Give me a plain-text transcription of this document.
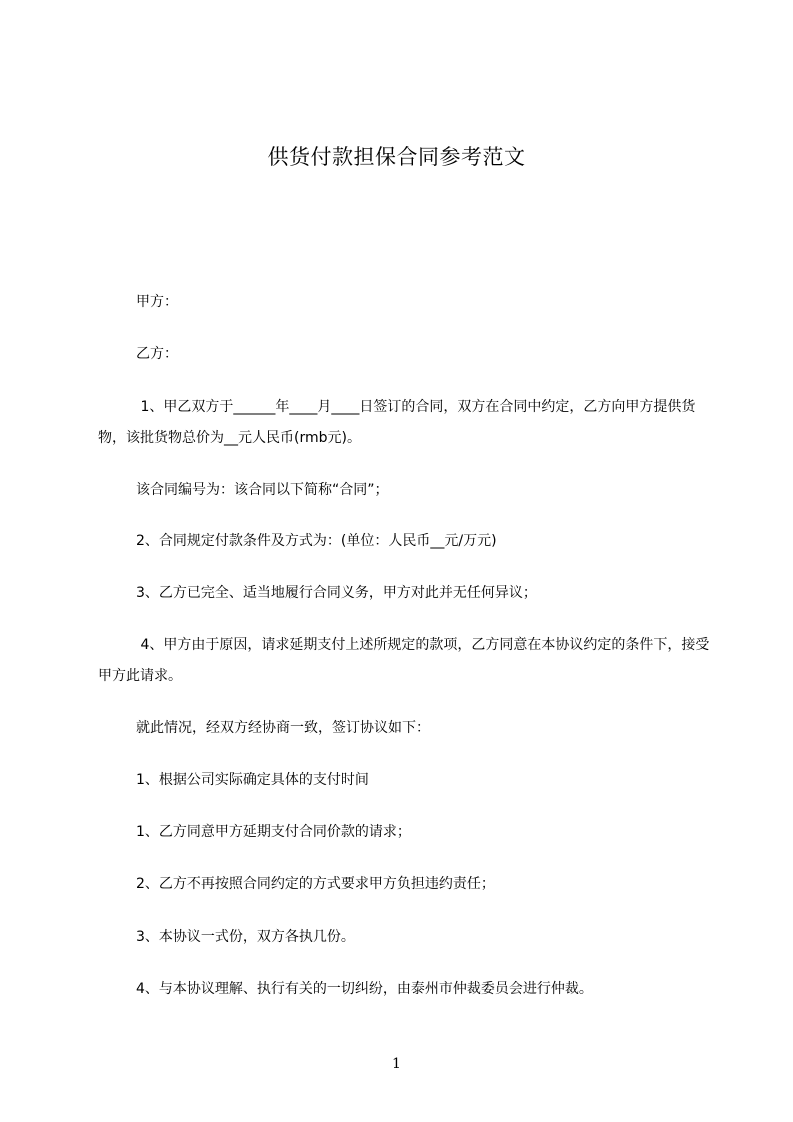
供货付款担保合同参考范文
甲方：
乙方：
1、甲乙双方于______年____月____日签订的合同，双方在合同中约定，乙方向甲方提供货物，该批货物总价为__元人民币(rmb元)。
该合同编号为：该合同以下简称“合同”；
2、合同规定付款条件及方式为：(单位：人民币__元/万元)
3、乙方已完全、适当地履行合同义务，甲方对此并无任何异议；
4、甲方由于原因，请求延期支付上述所规定的款项，乙方同意在本协议约定的条件下，接受甲方此请求。
就此情况，经双方经协商一致，签订协议如下：
1、根据公司实际确定具体的支付时间
1、乙方同意甲方延期支付合同价款的请求；
2、乙方不再按照合同约定的方式要求甲方负担违约责任；
3、本协议一式份，双方各执几份。
4、与本协议理解、执行有关的一切纠纷，由泰州市仲裁委员会进行仲裁。
1
